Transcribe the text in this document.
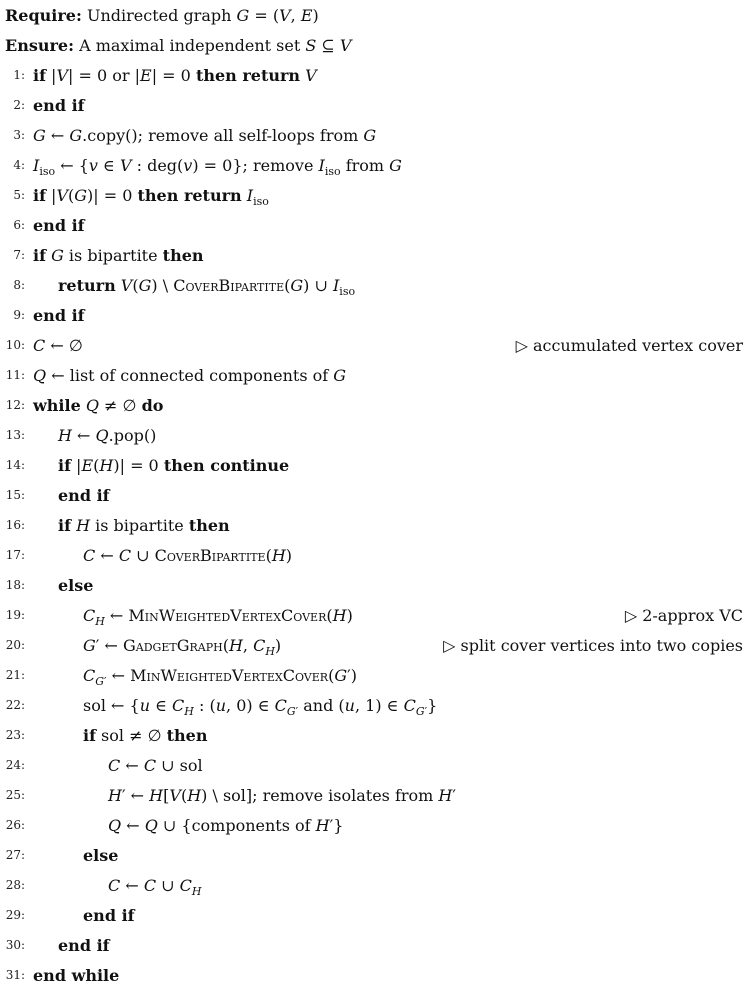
Require: Undirected graph G = (V, E)
Ensure: A maximal independent set S ⊆ V
1: if |V| = 0 or |E| = 0 then return V
2: end if
3: G ← G.copy(); remove all self-loops from G
4: $I_{iso}$ ← {v ∈ V : deg(v) = 0}; remove $I_{iso}$ from G
5: if |V(G)| = 0 then return $I_{iso}$
6: end if
7: if G is bipartite then
8:	return V(G) \ CoverBipartite(G) ∪ $I_{iso}$
9: end if
10: C ← ∅	▷ accumulated vertex cover
11: Q ← list of connected components of G
12: while Q ≠ ∅ do
13:	H ← Q.pop()
14:	if |E(H)| = 0 then continue
15:	end if
16:	if H is bipartite then
17:	C ← C ∪ CoverBipartite(H)
18:	else
19:	$C_H$ ← MinWeightedVertexCover(H)	▷ 2-approx VC
20:	G′ ← GadgetGraph(H, $C_H$)	▷ split cover vertices into two copies
21:	$C_{G'}$ ← MinWeightedVertexCover(G′)
22:	sol ← {u ∈ $C_H$ : (u, 0) ∈ $C_{G'}$ and (u, 1) ∈ $C_{G'}$}
23:	if sol ≠ ∅ then
24:	C ← C ∪ sol
25:	H′ ← H[V(H) \ sol]; remove isolates from H′
26:	Q ← Q ∪ {components of H′}
27:	else
28:	C ← C ∪ $C_H$
29:	end if
30:	end if
31: end while
